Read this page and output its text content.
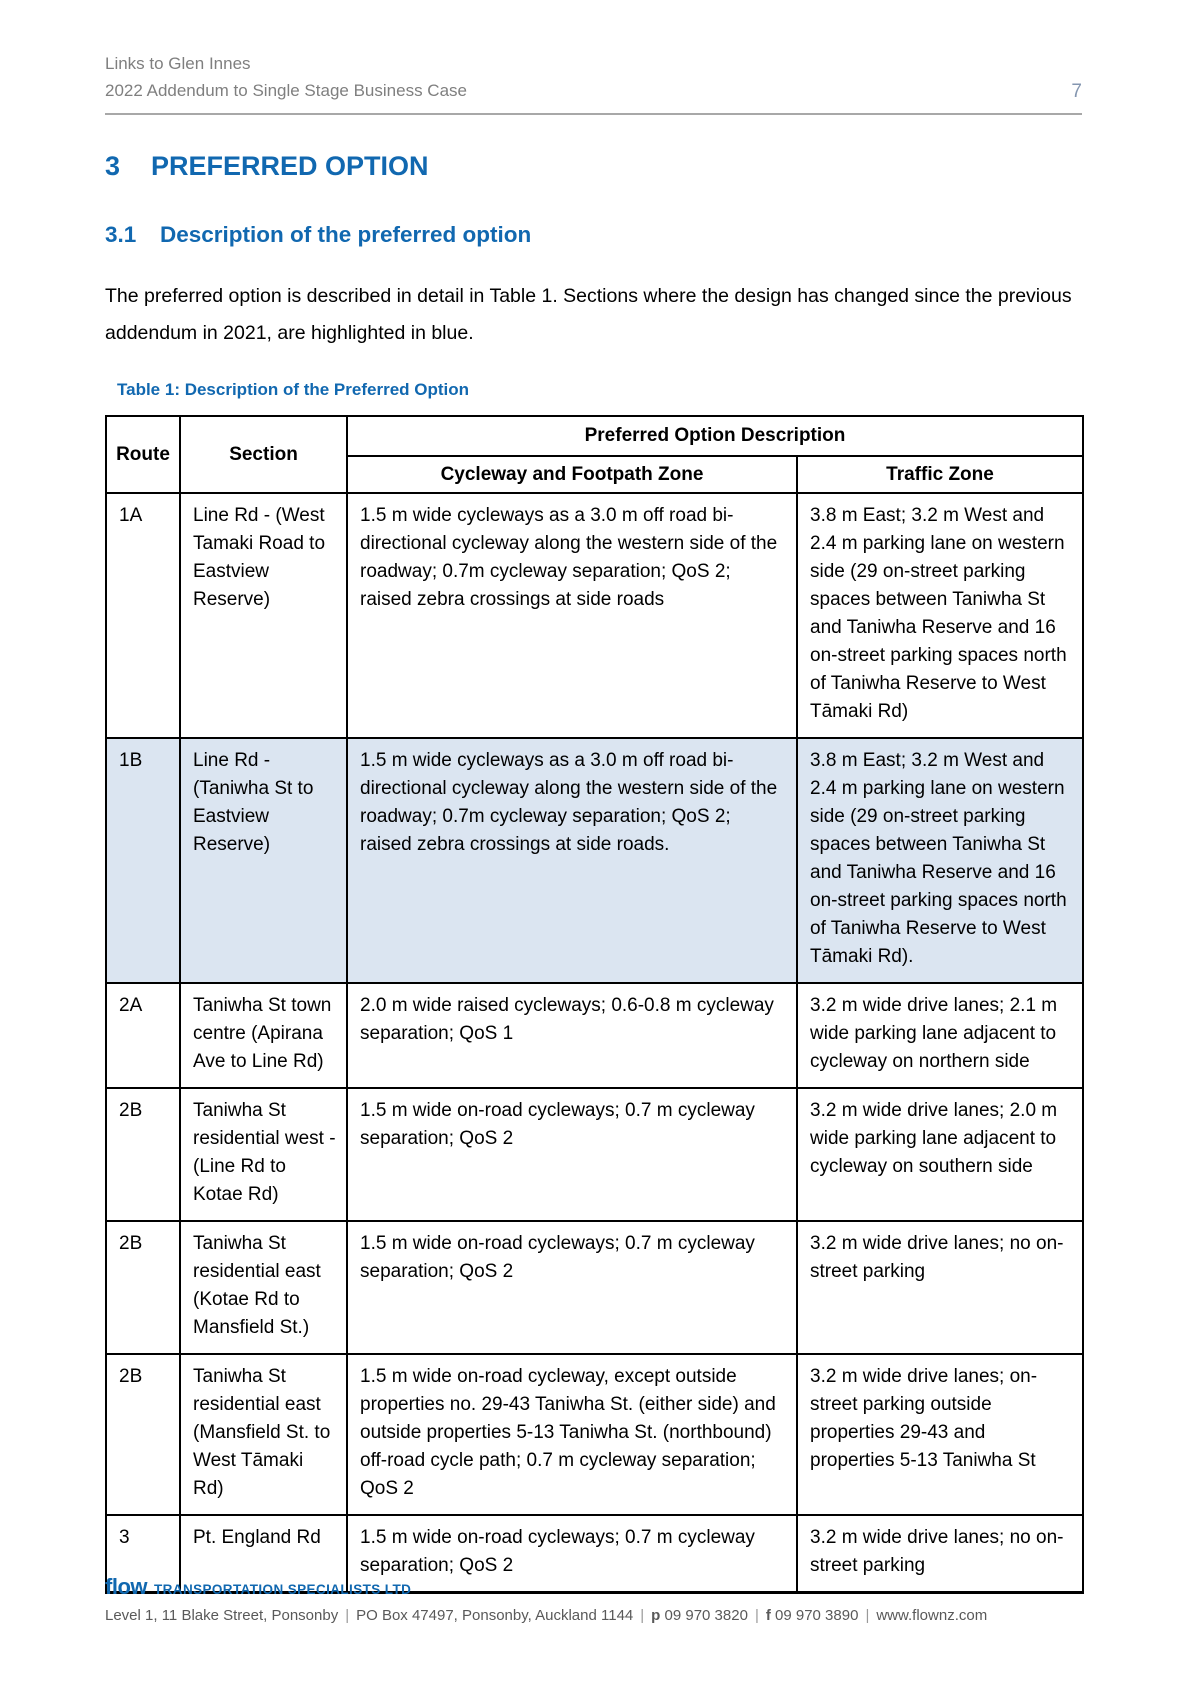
Links to Glen Innes
2022 Addendum to Single Stage Business Case	7
3	PREFERRED OPTION
3.1	Description of the preferred option

The preferred option is described in detail in Table 1. Sections where the design has changed since the previous addendum in 2021, are highlighted in blue.

Table 1: Description of the Preferred Option
Route	Section	Preferred Option Description	
		Cycleway and Footpath Zone	Traffic Zone
1A	Line Rd - (West Tamaki Road to Eastview Reserve)	1.5 m wide cycleways as a 3.0 m off road bi-directional cycleway along the western side of the roadway; 0.7m cycleway separation; QoS 2; raised zebra crossings at side roads	3.8 m East; 3.2 m West and 2.4 m parking lane on western side (29 on-street parking spaces between Taniwha St and Taniwha Reserve and 16 on-street parking spaces north of Taniwha Reserve to West Tāmaki Rd)
1B	Line Rd - (Taniwha St to Eastview Reserve)	1.5 m wide cycleways as a 3.0 m off road bi-directional cycleway along the western side of the roadway; 0.7m cycleway separation; QoS 2; raised zebra crossings at side roads.	3.8 m East; 3.2 m West and 2.4 m parking lane on western side (29 on-street parking spaces between Taniwha St and Taniwha Reserve and 16 on-street parking spaces north of Taniwha Reserve to West Tāmaki Rd).
2A	Taniwha St town centre (Apirana Ave to Line Rd)	2.0 m wide raised cycleways; 0.6-0.8 m cycleway separation; QoS 1	3.2 m wide drive lanes; 2.1 m wide parking lane adjacent to cycleway on northern side
2B	Taniwha St residential west - (Line Rd to Kotae Rd)	1.5 m wide on-road cycleways; 0.7 m cycleway separation; QoS 2	3.2 m wide drive lanes; 2.0 m wide parking lane adjacent to cycleway on southern side
2B	Taniwha St residential east (Kotae Rd to Mansfield St.)	1.5 m wide on-road cycleways; 0.7 m cycleway separation; QoS 2	3.2 m wide drive lanes; no on-street parking
2B	Taniwha St residential east (Mansfield St. to West Tāmaki Rd)	1.5 m wide on-road cycleway, except outside properties no. 29-43 Taniwha St. (either side) and outside properties 5-13 Taniwha St. (northbound) off-road cycle path; 0.7 m cycleway separation; QoS 2	3.2 m wide drive lanes; on-street parking outside properties 29-43 and properties 5-13 Taniwha St
3	Pt. England Rd	1.5 m wide on-road cycleways; 0.7 m cycleway separation; QoS 2	3.2 m wide drive lanes; no on-street parking
flow TRANSPORTATION SPECIALISTS LTD
Level 1, 11 Blake Street, Ponsonby | PO Box 47497, Ponsonby, Auckland 1144 | p 09 970 3820 | f 09 970 3890 | www.flownz.com
